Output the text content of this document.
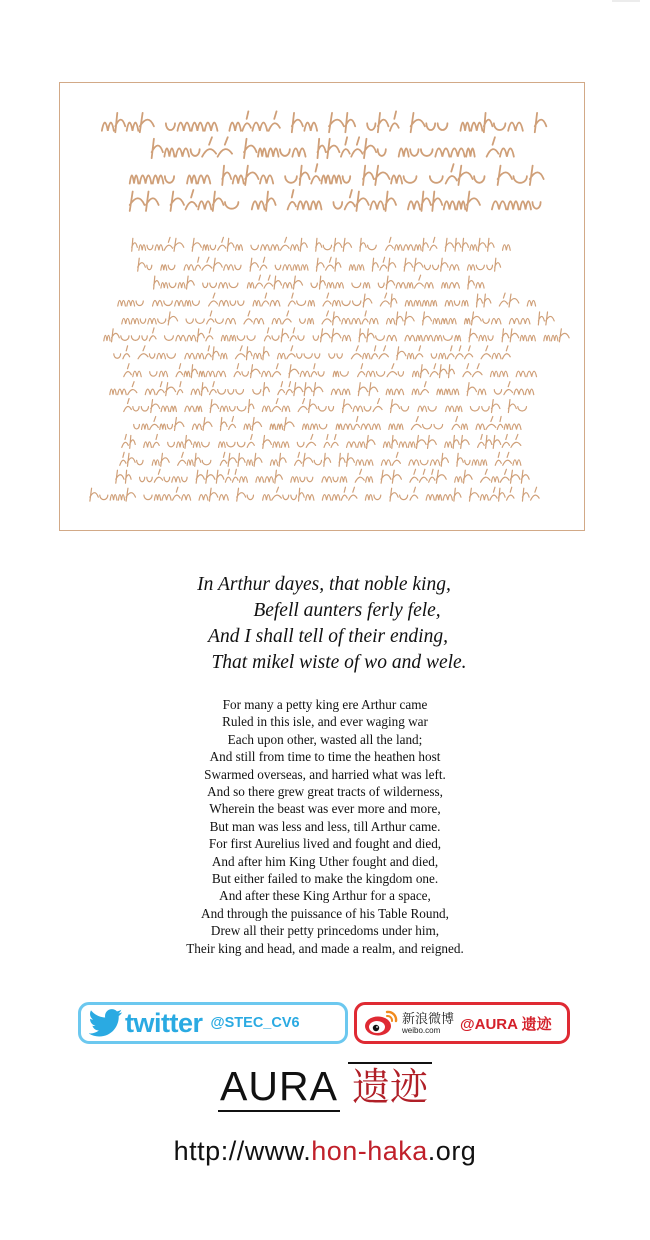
In Arthur dayes, that noble king,
Befell aunters ferly fele,
And I shall tell of their ending,
That mikel wiste of wo and wele.
For many a petty king ere Arthur came
Ruled in this isle, and ever waging war
Each upon other, wasted all the land;
And still from time to time the heathen host
Swarmed overseas, and harried what was left.
And so there grew great tracts of wilderness,
Wherein the beast was ever more and more,
But man was less and less, till Arthur came.
For first Aurelius lived and fought and died,
And after him King Uther fought and died,
But either failed to make the kingdom one.
And after these King Arthur for a space,
And through the puissance of his Table Round,
Drew all their petty princedoms under him,
Their king and head, and made a realm, and reigned.
twitter @STEC_CV6	新浪微博
weibo.com	@AURA 遗迹
AURA 遗迹
http://www.hon-haka.org
